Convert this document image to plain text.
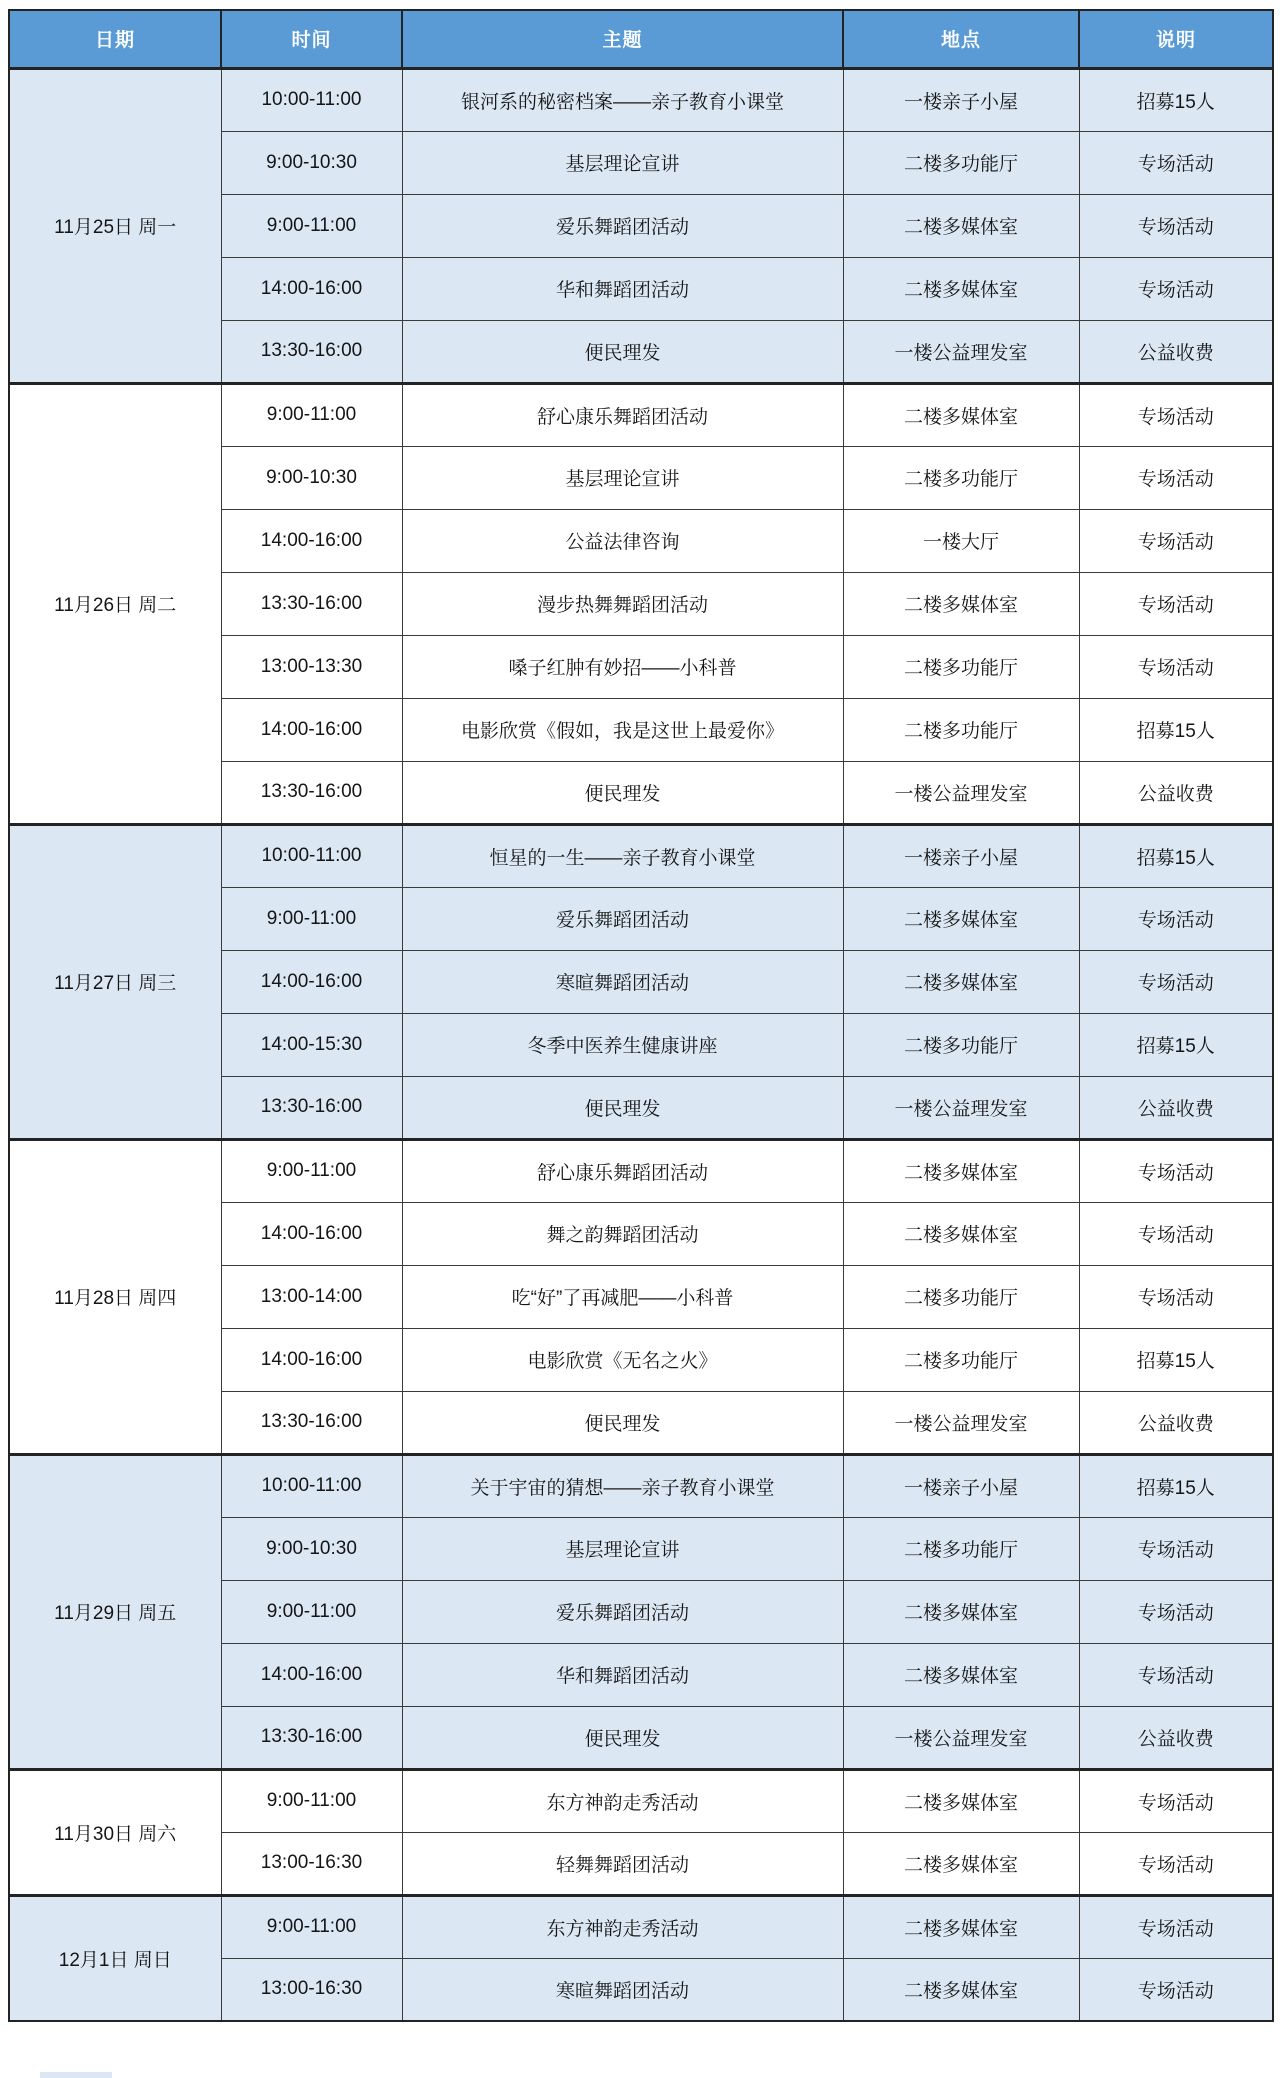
日期	时间	主题	地点	说明
11月25日 周一	10:00-11:00	银河系的秘密档案——亲子教育小课堂	一楼亲子小屋	招募15人
	9:00-10:30	基层理论宣讲	二楼多功能厅	专场活动
	9:00-11:00	爱乐舞蹈团活动	二楼多媒体室	专场活动
	14:00-16:00	华和舞蹈团活动	二楼多媒体室	专场活动
	13:30-16:00	便民理发	一楼公益理发室	公益收费
11月26日 周二	9:00-11:00	舒心康乐舞蹈团活动	二楼多媒体室	专场活动
	9:00-10:30	基层理论宣讲	二楼多功能厅	专场活动
	14:00-16:00	公益法律咨询	一楼大厅	专场活动
	13:30-16:00	漫步热舞舞蹈团活动	二楼多媒体室	专场活动
	13:00-13:30	嗓子红肿有妙招——小科普	二楼多功能厅	专场活动
	14:00-16:00	电影欣赏《假如，我是这世上最爱你》	二楼多功能厅	招募15人
	13:30-16:00	便民理发	一楼公益理发室	公益收费
11月27日 周三	10:00-11:00	恒星的一生——亲子教育小课堂	一楼亲子小屋	招募15人
	9:00-11:00	爱乐舞蹈团活动	二楼多媒体室	专场活动
	14:00-16:00	寒暄舞蹈团活动	二楼多媒体室	专场活动
	14:00-15:30	冬季中医养生健康讲座	二楼多功能厅	招募15人
	13:30-16:00	便民理发	一楼公益理发室	公益收费
11月28日 周四	9:00-11:00	舒心康乐舞蹈团活动	二楼多媒体室	专场活动
	14:00-16:00	舞之韵舞蹈团活动	二楼多媒体室	专场活动
	13:00-14:00	吃“好”了再减肥——小科普	二楼多功能厅	专场活动
	14:00-16:00	电影欣赏《无名之火》	二楼多功能厅	招募15人
	13:30-16:00	便民理发	一楼公益理发室	公益收费
11月29日 周五	10:00-11:00	关于宇宙的猜想——亲子教育小课堂	一楼亲子小屋	招募15人
	9:00-10:30	基层理论宣讲	二楼多功能厅	专场活动
	9:00-11:00	爱乐舞蹈团活动	二楼多媒体室	专场活动
	14:00-16:00	华和舞蹈团活动	二楼多媒体室	专场活动
	13:30-16:00	便民理发	一楼公益理发室	公益收费
11月30日 周六	9:00-11:00	东方神韵走秀活动	二楼多媒体室	专场活动
	13:00-16:30	轻舞舞蹈团活动	二楼多媒体室	专场活动
12月1日 周日	9:00-11:00	东方神韵走秀活动	二楼多媒体室	专场活动
	13:00-16:30	寒暄舞蹈团活动	二楼多媒体室	专场活动
